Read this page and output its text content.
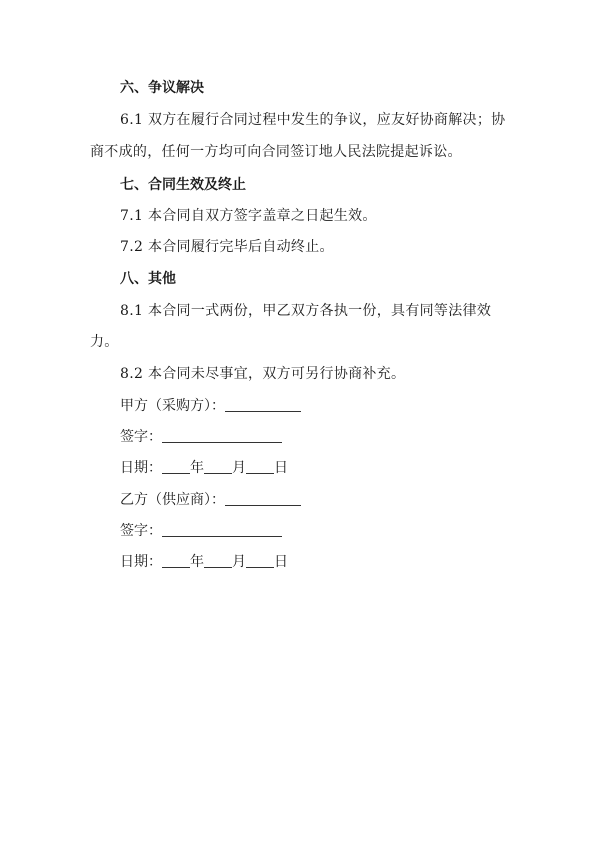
六、争议解决
6.1 双方在履行合同过程中发生的争议，应友好协商解决；协
商不成的，任何一方均可向合同签订地人民法院提起诉讼。
七、合同生效及终止
7.1 本合同自双方签字盖章之日起生效。
7.2 本合同履行完毕后自动终止。
八、其他
8.1 本合同一式两份，甲乙双方各执一份，具有同等法律效
力。
8.2 本合同未尽事宜，双方可另行协商补充。
甲方（采购方）：
签字：
日期： 年 月 日
乙方（供应商）：
签字：
日期： 年 月 日
